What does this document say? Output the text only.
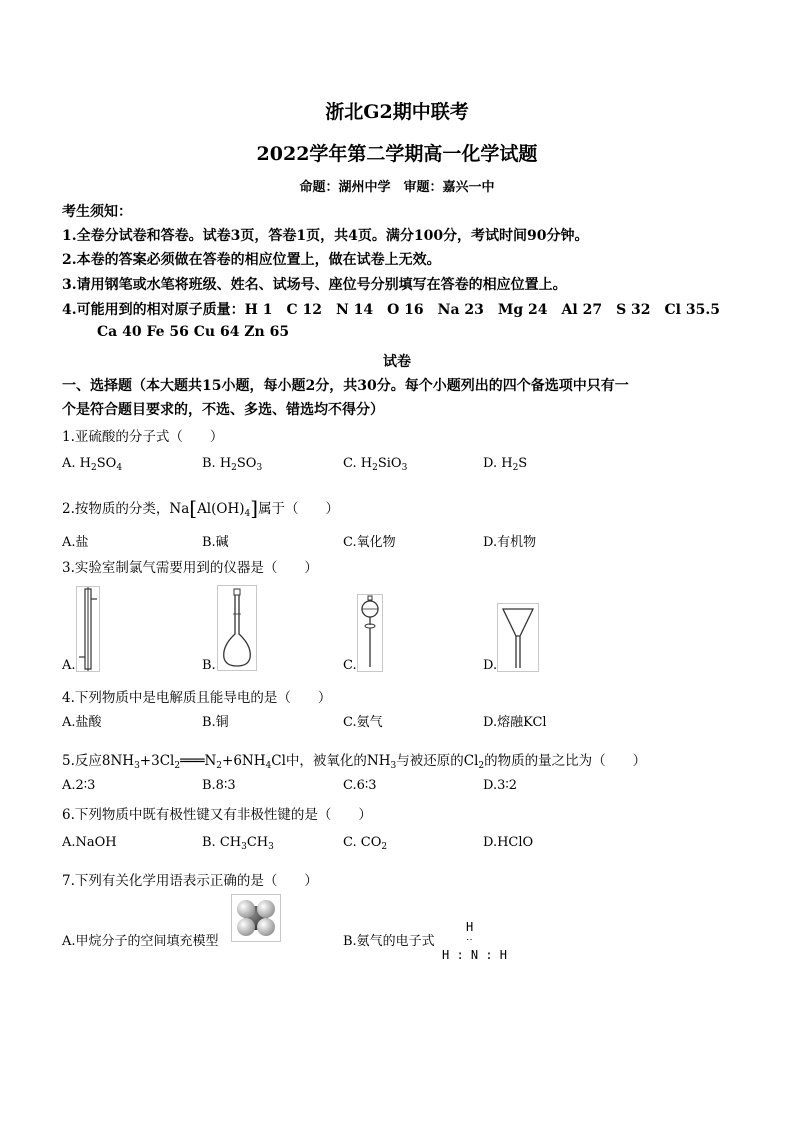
浙北G2期中联考
2022学年第二学期高一化学试题
命题：湖州中学　审题：嘉兴一中
考生须知：
1.全卷分试卷和答卷。试卷3页，答卷1页，共4页。满分100分，考试时间90分钟。
2.本卷的答案必须做在答卷的相应位置上，做在试卷上无效。
3.请用钢笔或水笔将班级、姓名、试场号、座位号分别填写在答卷的相应位置上。
4.可能用到的相对原子质量：H 1　C 12　N 14　O 16　Na 23　Mg 24　Al 27　S 32　Cl 35.5
Ca 40 Fe 56 Cu 64 Zn 65
试卷
一、选择题（本大题共15小题，每小题2分，共30分。每个小题列出的四个备选项中只有一
个是符合题目要求的，不选、多选、错选均不得分）
1.亚硫酸的分子式（　　）
A. $H_2SO_4$	B. $H_2SO_3$	C. $H_2SiO_3$	D. $H_2S$
2.按物质的分类，$Na[Al(OH)_4]$属于（　　）
A.盐	B.碱	C.氧化物	D.有机物
3.实验室制氯气需要用到的仪器是（　　）
A.	B.	C.	D.
4.下列物质中是电解质且能导电的是（　　）
A.盐酸	B.铜	C.氨气	D.熔融KCl
5.反应$8NH_3+3Cl_2═══N_2+6NH_4Cl$中，被氧化的$NH_3$与被还原的$Cl_2$的物质的量之比为（　　）
A.2∶3	B.8∶3	C.6∶3	D.3∶2
6.下列物质中既有极性键又有非极性键的是（　　）
A.NaOH	B. $CH_3CH_3$	C. $CO_2$	D.HClO
7.下列有关化学用语表示正确的是（　　）
A.甲烷分子的空间填充模型	B.氨气的电子式
H
‥
H : N : H
